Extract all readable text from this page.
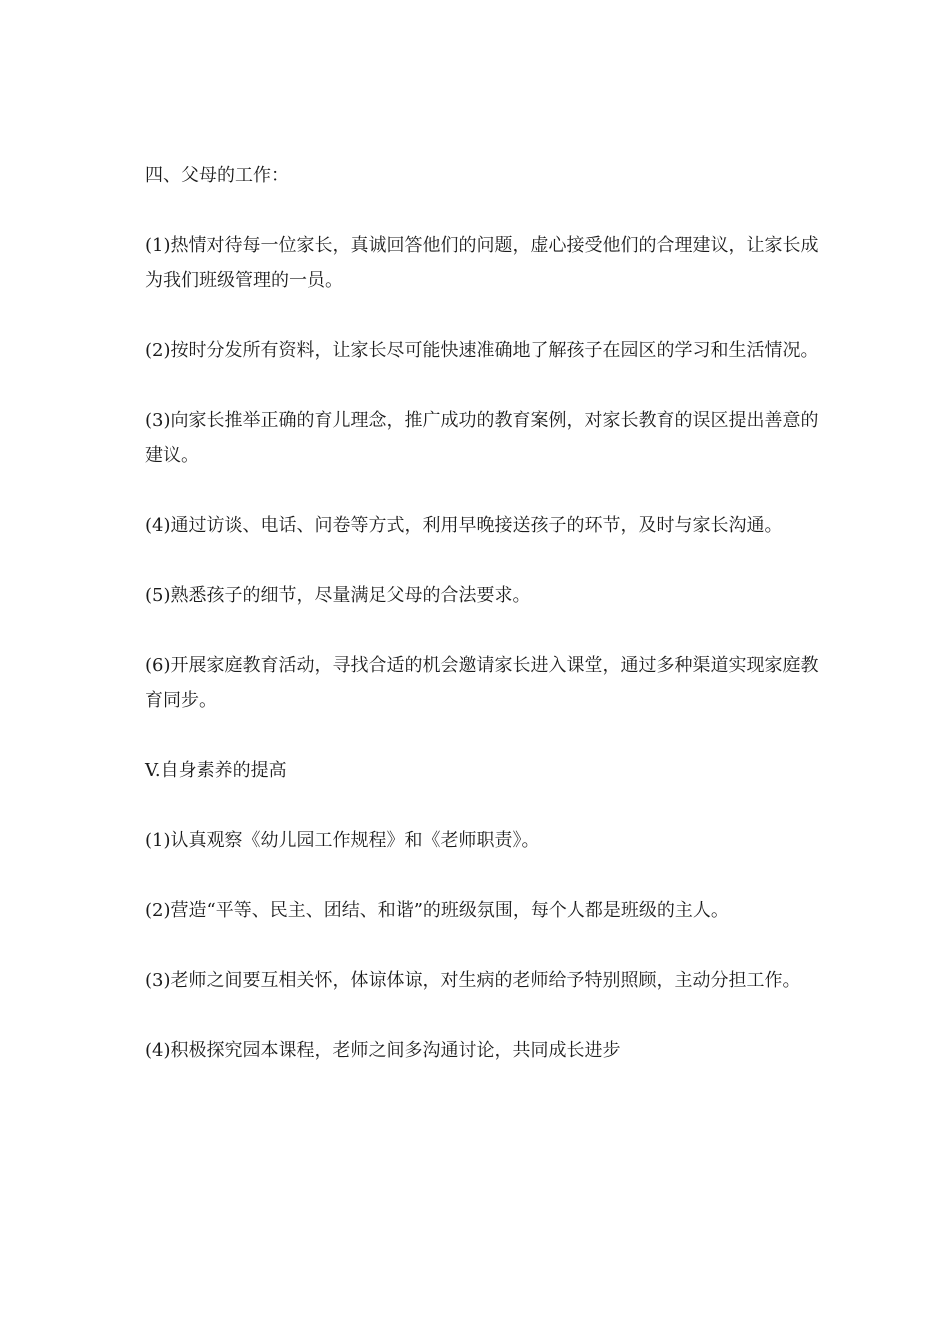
四、父母的工作：

(1)热情对待每一位家长，真诚回答他们的问题，虚心接受他们的合理建议，让家长成为我们班级管理的一员。

(2)按时分发所有资料，让家长尽可能快速准确地了解孩子在园区的学习和生活情况。

(3)向家长推举正确的育儿理念，推广成功的教育案例，对家长教育的误区提出善意的建议。

(4)通过访谈、电话、问卷等方式，利用早晚接送孩子的环节，及时与家长沟通。

(5)熟悉孩子的细节，尽量满足父母的合法要求。

(6)开展家庭教育活动，寻找合适的机会邀请家长进入课堂，通过多种渠道实现家庭教育同步。

V.自身素养的提高

(1)认真观察《幼儿园工作规程》和《老师职责》。

(2)营造“平等、民主、团结、和谐”的班级氛围，每个人都是班级的主人。

(3)老师之间要互相关怀，体谅体谅，对生病的老师给予特别照顾，主动分担工作。

(4)积极探究园本课程，老师之间多沟通讨论，共同成长进步
